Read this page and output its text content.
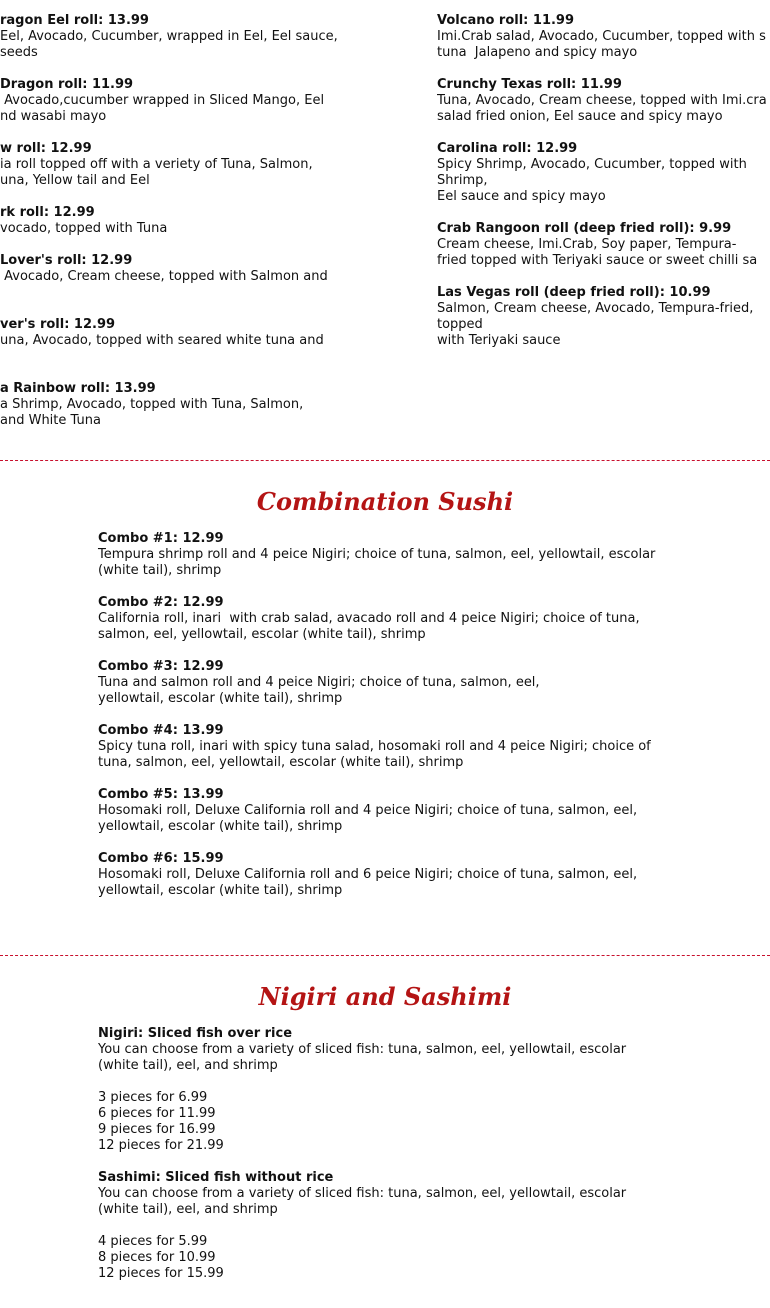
ragon Eel roll: 13.99
Eel, Avocado, Cucumber, wrapped in Eel, Eel sauce,
seeds
Dragon roll: 11.99
Avocado,cucumber wrapped in Sliced Mango, Eel
nd wasabi mayo
w roll: 12.99
ia roll topped off with a veriety of Tuna, Salmon,
una, Yellow tail and Eel
rk roll: 12.99
vocado, topped with Tuna
Lover's roll: 12.99
Avocado, Cream cheese, topped with Salmon and
ver's roll: 12.99
una, Avocado, topped with seared white tuna and
a Rainbow roll: 13.99
a Shrimp, Avocado, topped with Tuna, Salmon,
and White Tuna
Volcano roll: 11.99
Imi.Crab salad, Avocado, Cucumber, topped with s
tuna  Jalapeno and spicy mayo
Crunchy Texas roll: 11.99
Tuna, Avocado, Cream cheese, topped with Imi.cra
salad fried onion, Eel sauce and spicy mayo
Carolina roll: 12.99
Spicy Shrimp, Avocado, Cucumber, topped with
Shrimp,
Eel sauce and spicy mayo
Crab Rangoon roll (deep fried roll): 9.99
Cream cheese, Imi.Crab, Soy paper, Tempura-
fried topped with Teriyaki sauce or sweet chilli sa
Las Vegas roll (deep fried roll): 10.99
Salmon, Cream cheese, Avocado, Tempura-fried,
topped
with Teriyaki sauce
Combination Sushi
Combo #1: 12.99
Tempura shrimp roll and 4 peice Nigiri; choice of tuna, salmon, eel, yellowtail, escolar
(white tail), shrimp
Combo #2: 12.99
California roll, inari  with crab salad, avacado roll and 4 peice Nigiri; choice of tuna,
salmon, eel, yellowtail, escolar (white tail), shrimp
Combo #3: 12.99
Tuna and salmon roll and 4 peice Nigiri; choice of tuna, salmon, eel,
yellowtail, escolar (white tail), shrimp
Combo #4: 13.99
Spicy tuna roll, inari with spicy tuna salad, hosomaki roll and 4 peice Nigiri; choice of
tuna, salmon, eel, yellowtail, escolar (white tail), shrimp
Combo #5: 13.99
Hosomaki roll, Deluxe California roll and 4 peice Nigiri; choice of tuna, salmon, eel,
yellowtail, escolar (white tail), shrimp
Combo #6: 15.99
Hosomaki roll, Deluxe California roll and 6 peice Nigiri; choice of tuna, salmon, eel,
yellowtail, escolar (white tail), shrimp
Nigiri and Sashimi
Nigiri: Sliced fish over rice
You can choose from a variety of sliced fish: tuna, salmon, eel, yellowtail, escolar
(white tail), eel, and shrimp
3 pieces for 6.99
6 pieces for 11.99
9 pieces for 16.99
12 pieces for 21.99
Sashimi: Sliced fish without rice
You can choose from a variety of sliced fish: tuna, salmon, eel, yellowtail, escolar
(white tail), eel, and shrimp
4 pieces for 5.99
8 pieces for 10.99
12 pieces for 15.99
